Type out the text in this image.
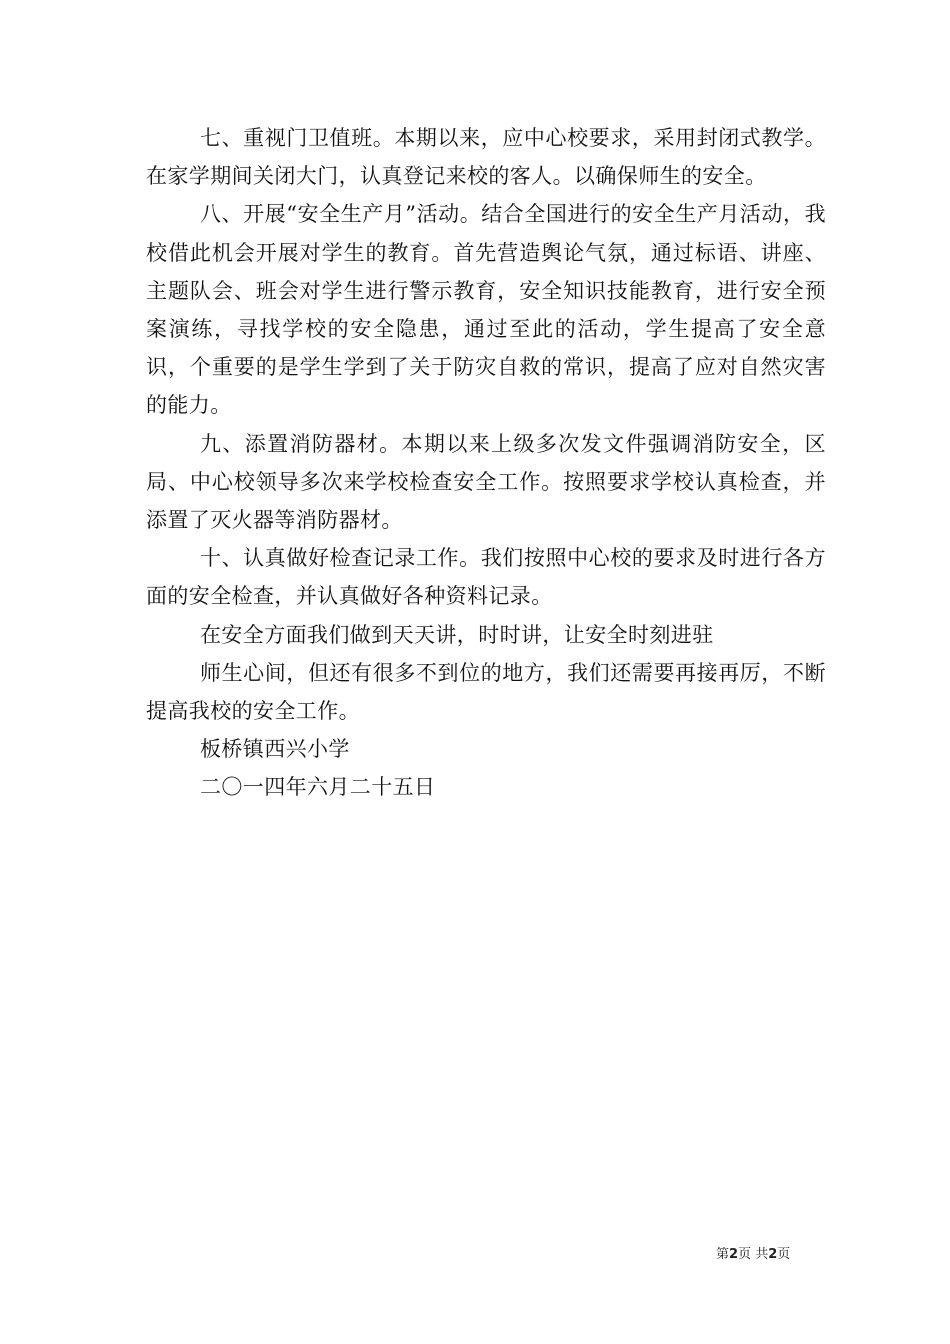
七、重视门卫值班。本期以来，应中心校要求，采用封闭式教学。在家学期间关闭大门，认真登记来校的客人。以确保师生的安全。

八、开展“安全生产月”活动。结合全国进行的安全生产月活动，我校借此机会开展对学生的教育。首先营造舆论气氛，通过标语、讲座、主题队会、班会对学生进行警示教育，安全知识技能教育，进行安全预案演练，寻找学校的安全隐患，通过至此的活动，学生提高了安全意识，个重要的是学生学到了关于防灾自救的常识，提高了应对自然灾害的能力。

九、添置消防器材。本期以来上级多次发文件强调消防安全，区局、中心校领导多次来学校检查安全工作。按照要求学校认真检查，并添置了灭火器等消防器材。

十、认真做好检查记录工作。我们按照中心校的要求及时进行各方面的安全检查，并认真做好各种资料记录。

在安全方面我们做到天天讲，时时讲，让安全时刻进驻

师生心间，但还有很多不到位的地方，我们还需要再接再厉，不断提高我校的安全工作。

板桥镇西兴小学

二〇一四年六月二十五日

第2页 共2页
